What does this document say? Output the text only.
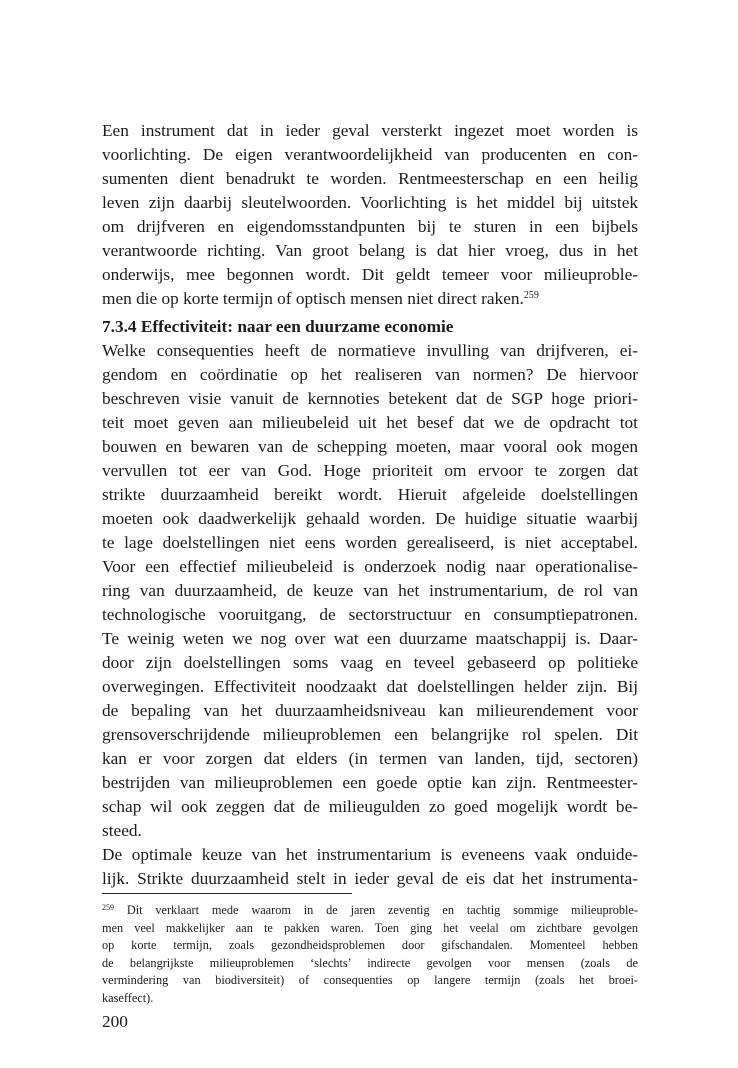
Een instrument dat in ieder geval versterkt ingezet moet worden is

voorlichting. De eigen verantwoordelijkheid van producenten en con-

sumenten dient benadrukt te worden. Rentmeesterschap en een heilig

leven zijn daarbij sleutelwoorden. Voorlichting is het middel bij uitstek

om drijfveren en eigendomsstandpunten bij te sturen in een bijbels

verantwoorde richting. Van groot belang is dat hier vroeg, dus in het

onderwijs, mee begonnen wordt. Dit geldt temeer voor milieuproble-

men die op korte termijn of optisch mensen niet direct raken.$^{259}$

7.3.4 Effectiviteit: naar een duurzame economie

Welke consequenties heeft de normatieve invulling van drijfveren, ei-

gendom en coördinatie op het realiseren van normen? De hiervoor

beschreven visie vanuit de kernnoties betekent dat de SGP hoge priori-

teit moet geven aan milieubeleid uit het besef dat we de opdracht tot

bouwen en bewaren van de schepping moeten, maar vooral ook mogen

vervullen tot eer van God. Hoge prioriteit om ervoor te zorgen dat

strikte duurzaamheid bereikt wordt. Hieruit afgeleide doelstellingen

moeten ook daadwerkelijk gehaald worden. De huidige situatie waarbij

te lage doelstellingen niet eens worden gerealiseerd, is niet acceptabel.

Voor een effectief milieubeleid is onderzoek nodig naar operationalise-

ring van duurzaamheid, de keuze van het instrumentarium, de rol van

technologische vooruitgang, de sectorstructuur en consumptiepatronen.

Te weinig weten we nog over wat een duurzame maatschappij is. Daar-

door zijn doelstellingen soms vaag en teveel gebaseerd op politieke

overwegingen. Effectiviteit noodzaakt dat doelstellingen helder zijn. Bij

de bepaling van het duurzaamheidsniveau kan milieurendement voor

grensoverschrijdende milieuproblemen een belangrijke rol spelen. Dit

kan er voor zorgen dat elders (in termen van landen, tijd, sectoren)

bestrijden van milieuproblemen een goede optie kan zijn. Rentmeester-

schap wil ook zeggen dat de milieugulden zo goed mogelijk wordt be-

steed.

De optimale keuze van het instrumentarium is eveneens vaak onduide-

lijk. Strikte duurzaamheid stelt in ieder geval de eis dat het instrumenta-

$^{259}$ Dit verklaart mede waarom in de jaren zeventig en tachtig sommige milieuproble-

men veel makkelijker aan te pakken waren. Toen ging het veelal om zichtbare gevolgen

op korte termijn, zoals gezondheidsproblemen door gifschandalen. Momenteel hebben

de belangrijkste milieuproblemen ‘slechts’ indirecte gevolgen voor mensen (zoals de

vermindering van biodiversiteit) of consequenties op langere termijn (zoals het broei-

kaseffect).

200
